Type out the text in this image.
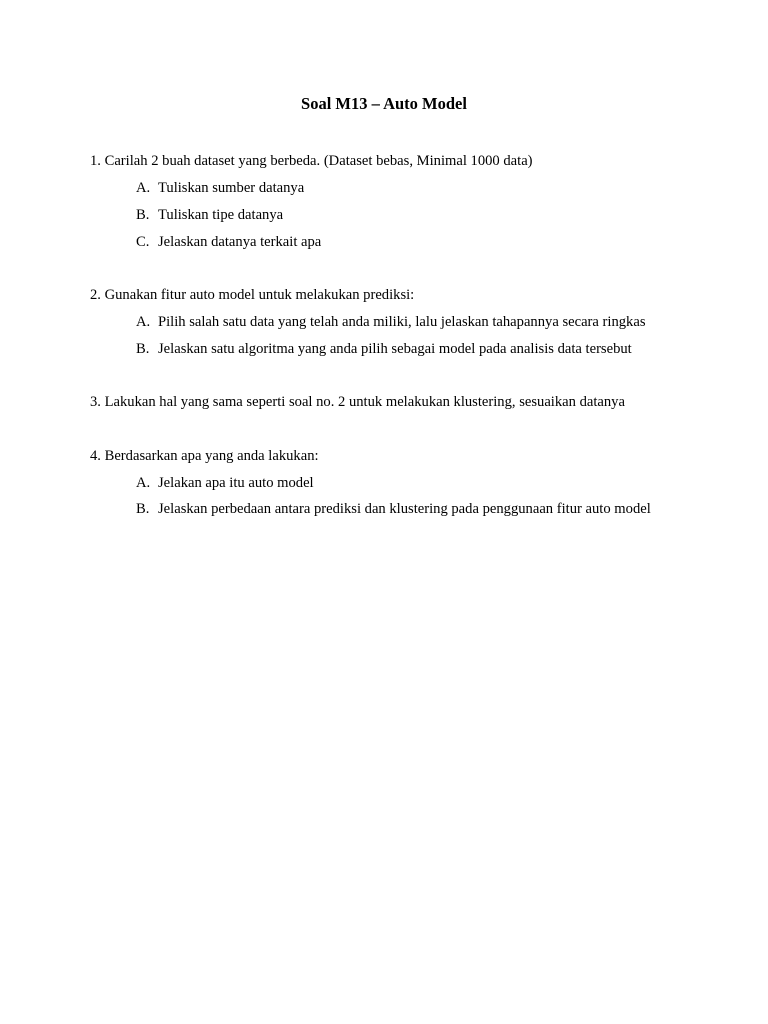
Soal M13 – Auto Model
1. Carilah 2 buah dataset yang berbeda. (Dataset bebas, Minimal 1000 data)
A. Tuliskan sumber datanya
B. Tuliskan tipe datanya
C. Jelaskan datanya terkait apa
2. Gunakan fitur auto model untuk melakukan prediksi:
A. Pilih salah satu data yang telah anda miliki, lalu jelaskan tahapannya secara ringkas
B. Jelaskan satu algoritma yang anda pilih sebagai model pada analisis data tersebut
3. Lakukan hal yang sama seperti soal no. 2 untuk melakukan klustering, sesuaikan datanya
4. Berdasarkan apa yang anda lakukan:
A. Jelakan apa itu auto model
B. Jelaskan perbedaan antara prediksi dan klustering pada penggunaan fitur auto model
